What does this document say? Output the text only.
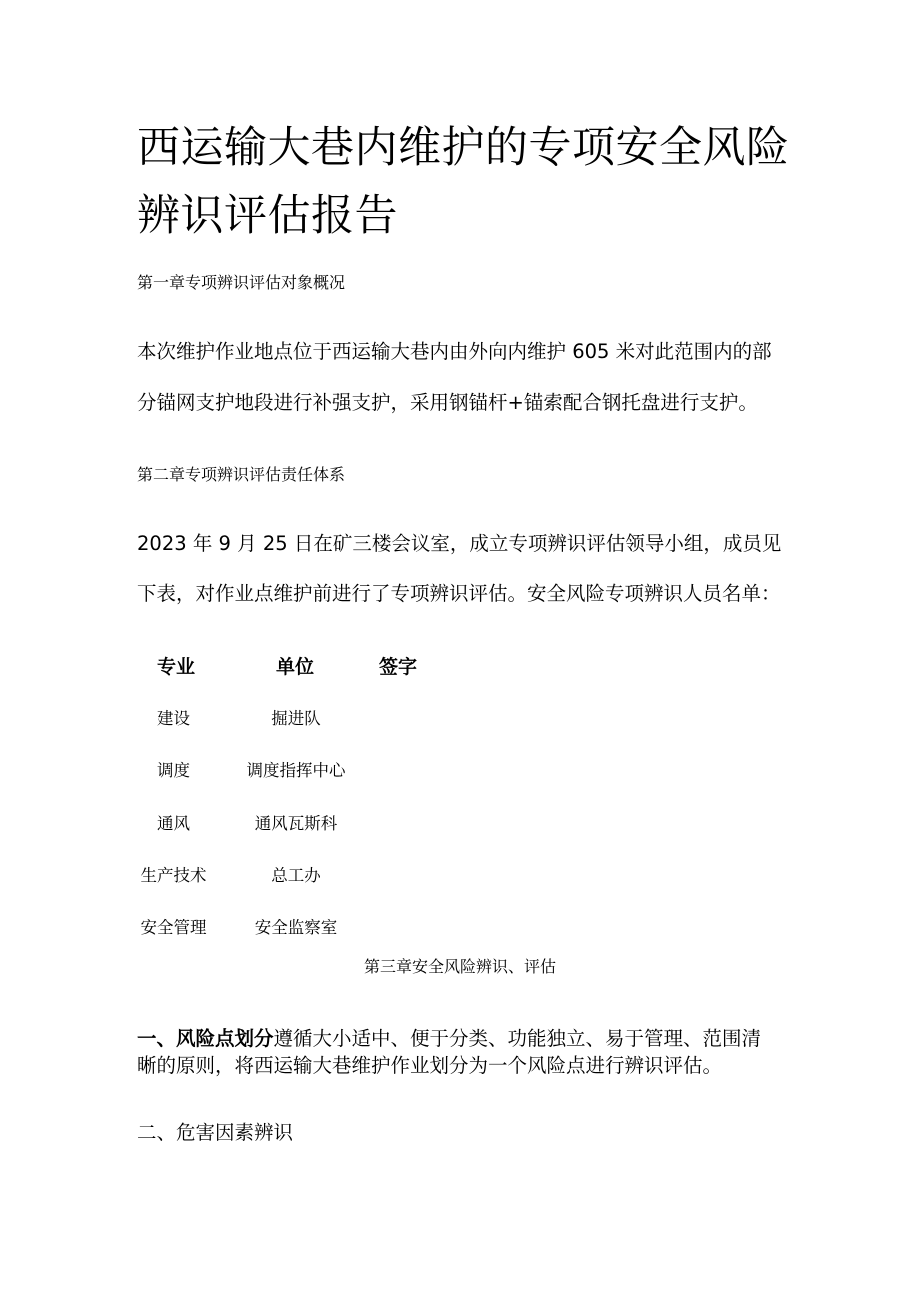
西运输大巷内维护的专项安全风险
辨识评估报告
第一章专项辨识评估对象概况
本次维护作业地点位于西运输大巷内由外向内维护 605 米对此范围内的部
分锚网支护地段进行补强支护，采用钢锚杆+锚索配合钢托盘进行支护。
第二章专项辨识评估责任体系
2023 年 9 月 25 日在矿三楼会议室，成立专项辨识评估领导小组，成员见
下表，对作业点维护前进行了专项辨识评估。安全风险专项辨识人员名单：
专业	单位	签字
建设	掘进队
调度	调度指挥中心
通风	通风瓦斯科
生产技术	总工办
安全管理	安全监察室
第三章安全风险辨识、评估
一、风险点划分遵循大小适中、便于分类、功能独立、易于管理、范围清
晰的原则，将西运输大巷维护作业划分为一个风险点进行辨识评估。
二、危害因素辨识
